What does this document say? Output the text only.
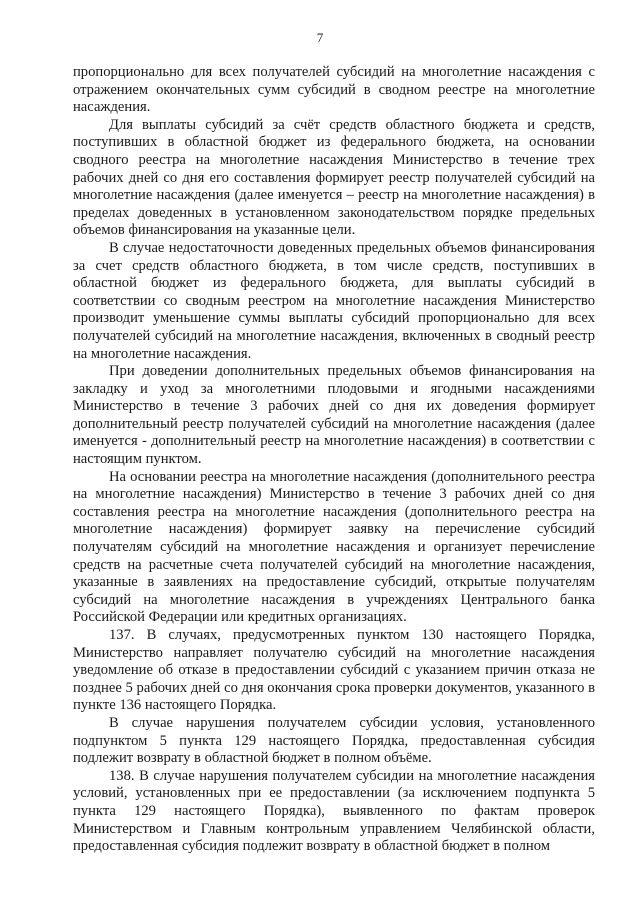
7

пропорционально для всех получателей субсидий на многолетние насаждения с отражением окончательных сумм субсидий в сводном реестре на многолетние насаждения.

Для выплаты субсидий за счёт средств областного бюджета и средств, поступивших в областной бюджет из федерального бюджета, на основании сводного реестра на многолетние насаждения Министерство в течение трех рабочих дней со дня его составления формирует реестр получателей субсидий на многолетние насаждения (далее именуется – реестр на многолетние насаждения) в пределах доведенных в установленном законодательством порядке предельных объемов финансирования на указанные цели.

В случае недостаточности доведенных предельных объемов финансирования за счет средств областного бюджета, в том числе средств, поступивших в областной бюджет из федерального бюджета, для выплаты субсидий в соответствии со сводным реестром на многолетние насаждения Министерство производит уменьшение суммы выплаты субсидий пропорционально для всех получателей субсидий на многолетние насаждения, включенных в сводный реестр на многолетние насаждения.

При доведении дополнительных предельных объемов финансирования на закладку и уход за многолетними плодовыми и ягодными насаждениями Министерство в течение 3 рабочих дней со дня их доведения формирует дополнительный реестр получателей субсидий на многолетние насаждения (далее именуется - дополнительный реестр на многолетние насаждения) в соответствии с настоящим пунктом.

На основании реестра на многолетние насаждения (дополнительного реестра на многолетние насаждения) Министерство в течение 3 рабочих дней со дня составления реестра на многолетние насаждения (дополнительного реестра на многолетние насаждения) формирует заявку на перечисление субсидий получателям субсидий на многолетние насаждения и организует перечисление средств на расчетные счета получателей субсидий на многолетние насаждения, указанные в заявлениях на предоставление субсидий, открытые получателям субсидий на многолетние насаждения в учреждениях Центрального банка Российской Федерации или кредитных организациях.

137. В случаях, предусмотренных пунктом 130 настоящего Порядка, Министерство направляет получателю субсидий на многолетние насаждения уведомление об отказе в предоставлении субсидий с указанием причин отказа не позднее 5 рабочих дней со дня окончания срока проверки документов, указанного в пункте 136 настоящего Порядка.

В случае нарушения получателем субсидии условия, установленного подпунктом 5 пункта 129 настоящего Порядка, предоставленная субсидия подлежит возврату в областной бюджет в полном объёме.

138. В случае нарушения получателем субсидии на многолетние насаждения условий, установленных при ее предоставлении (за исключением подпункта 5 пункта 129 настоящего Порядка), выявленного по фактам проверок Министерством и Главным контрольным управлением Челябинской области, предоставленная субсидия подлежит возврату в областной бюджет в полном
